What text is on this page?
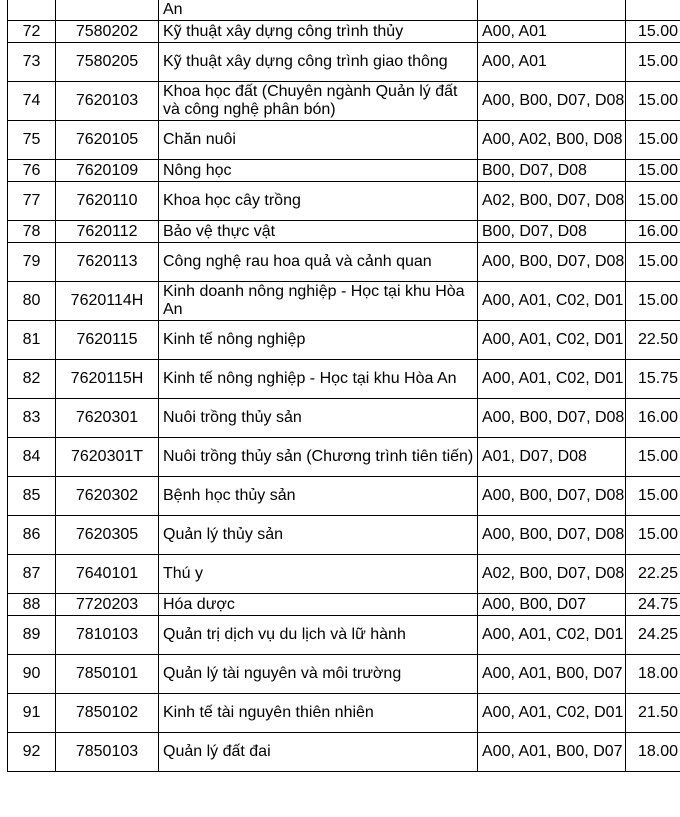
		An		
72	7580202	Kỹ thuật xây dựng công trình thủy	A00, A01	15.00
73	7580205	Kỹ thuật xây dựng công trình giao thông	A00, A01	15.00
74	7620103	Khoa học đất (Chuyên ngành Quản lý đất và công nghệ phân bón)	A00, B00, D07, D08	15.00
75	7620105	Chăn nuôi	A00, A02, B00, D08	15.00
76	7620109	Nông học	B00, D07, D08	15.00
77	7620110	Khoa học cây trồng	A02, B00, D07, D08	15.00
78	7620112	Bảo vệ thực vật	B00, D07, D08	16.00
79	7620113	Công nghệ rau hoa quả và cảnh quan	A00, B00, D07, D08	15.00
80	7620114H	Kinh doanh nông nghiệp - Học tại khu Hòa An	A00, A01, C02, D01	15.00
81	7620115	Kinh tế nông nghiệp	A00, A01, C02, D01	22.50
82	7620115H	Kinh tế nông nghiệp - Học tại khu Hòa An	A00, A01, C02, D01	15.75
83	7620301	Nuôi trồng thủy sản	A00, B00, D07, D08	16.00
84	7620301T	Nuôi trồng thủy sản (Chương trình tiên tiến)	A01, D07, D08	15.00
85	7620302	Bệnh học thủy sản	A00, B00, D07, D08	15.00
86	7620305	Quản lý thủy sản	A00, B00, D07, D08	15.00
87	7640101	Thú y	A02, B00, D07, D08	22.25
88	7720203	Hóa dược	A00, B00, D07	24.75
89	7810103	Quản trị dịch vụ du lịch và lữ hành	A00, A01, C02, D01	24.25
90	7850101	Quản lý tài nguyên và môi trường	A00, A01, B00, D07	18.00
91	7850102	Kinh tế tài nguyên thiên nhiên	A00, A01, C02, D01	21.50
92	7850103	Quản lý đất đai	A00, A01, B00, D07	18.00
